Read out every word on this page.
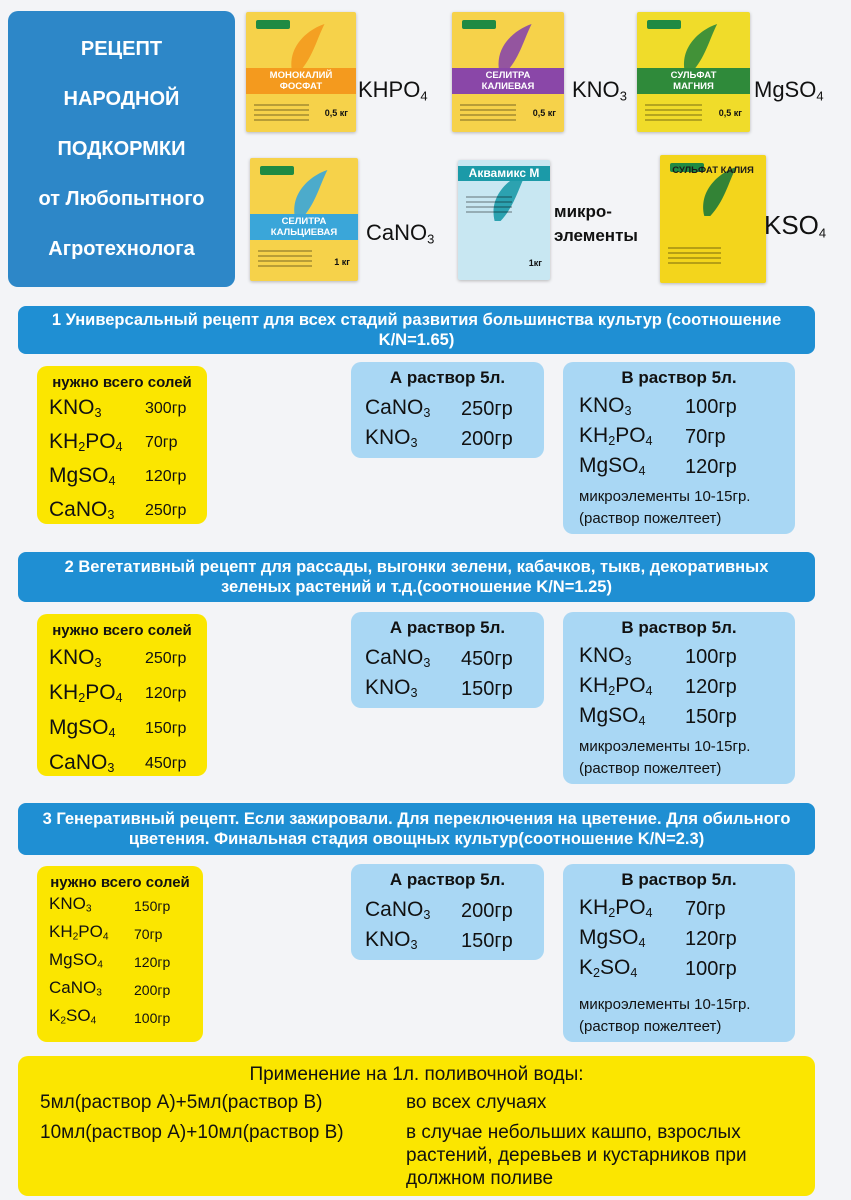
РЕЦЕПТ
НАРОДНОЙ
ПОДКОРМКИ
от Любопытного
Агротехнолога
МОНОКАЛИЙ
ФОСФАТ
0,5 кг
$KHPO_4$
СЕЛИТРА
КАЛИЕВАЯ
0,5 кг
$KNO_3$
СУЛЬФАТ
МАГНИЯ
0,5 кг
MgSO$_4$
СЕЛИТРА
КАЛЬЦИЕВАЯ
1 кг
CaNO$_3$
Аквамикс М
1кг
микро-
элементы
СУЛЬФАТ КАЛИЯ
$KSO_4$
1 Универсальный рецепт для всех стадий развития большинства культур (соотношение K/N=1.65)
нужно всего солей
$KNO_3$	300гр
$KH_2PO_4$ 70гр
MgSO$_4$ 120гр
CaNO$_3$ 250гр
А раствор 5л.
CaNO$_3$ 250гр
$KNO_3$ 200гр
В раствор 5л.
$KNO_3$	100гр
$KH_2PO_4$ 70гр
MgSO$_4$ 120гр
микроэлементы 10-15гр.
(раствор пожелтеет)
2 Вегетативный рецепт для рассады, выгонки зелени, кабачков, тыкв, декоративных зеленых растений и т.д.(соотношение K/N=1.25)
нужно всего солей
$KNO_3$	250гр
$KH_2PO_4$ 120гр
MgSO$_4$ 150гр
CaNO$_3$ 450гр
А раствор 5л.
CaNO$_3$ 450гр
$KNO_3$ 150гр
В раствор 5л.
$KNO_3$	100гр
$KH_2PO_4$ 120гр
MgSO$_4$ 150гр
микроэлементы 10-15гр.
(раствор пожелтеет)
3 Генеративный рецепт. Если зажировали. Для переключения на цветение. Для обильного цветения. Финальная стадия овощных культур(соотношение K/N=2.3)
нужно всего солей
$KNO_3$	150гр
$KH_2PO_4$ 70гр
MgSO$_4$ 120гр
CaNO$_3$ 200гр
$K_2SO_4$	100гр
А раствор 5л.
CaNO$_3$ 200гр
$KNO_3$ 150гр
В раствор 5л.
$KH_2PO_4$ 70гр
MgSO$_4$ 120гр
$K_2SO_4$ 100гр
микроэлементы 10-15гр.
(раствор пожелтеет)
Применение на 1л. поливочной воды:
5мл(раствор А)+5мл(раствор В)	во всех случаях
10мл(раствор А)+10мл(раствор В)	в случае небольших кашпо, взрослых
растений, деревьев и кустарников при
должном поливе
